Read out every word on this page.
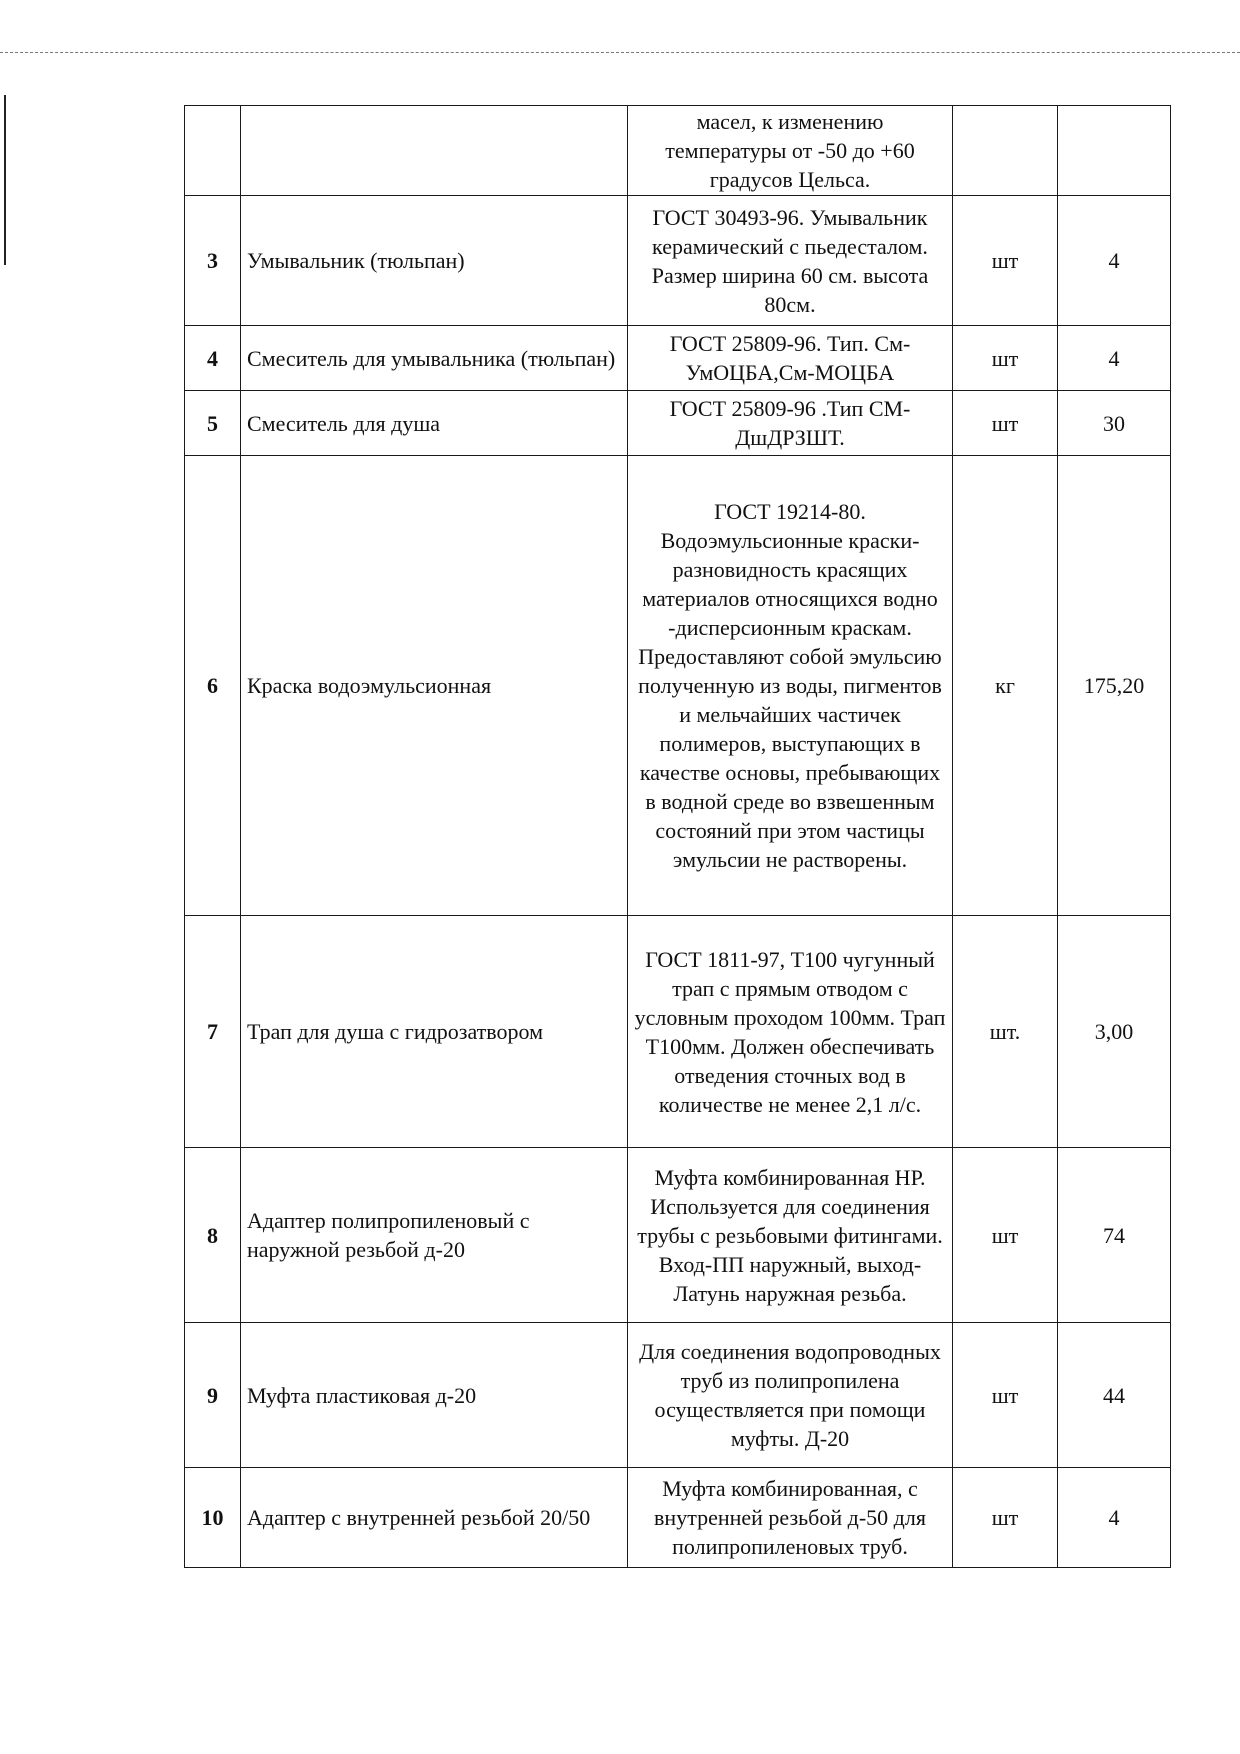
		масел, к изменению температуры от -50 до +60 градусов Цельса.		
3	Умывальник (тюльпан)	ГОСТ 30493-96. Умывальник керамический с пьедесталом. Размер ширина 60 см. высота 80см.	шт	4
4	Смеситель для умывальника (тюльпан)	ГОСТ 25809-96. Тип. См-УмОЦБА,См-МОЦБА	шт	4
5	Смеситель для душа	ГОСТ 25809-96 .Тип СМ-ДшДРЗШТ.	шт	30
6	Краска водоэмульсионная	ГОСТ 19214-80. Водоэмульсионные краски-разновидность красящих материалов относящихся водно -дисперсионным краскам. Предоставляют собой эмульсию полученную из воды, пигментов и мельчайших частичек полимеров, выступающих в качестве основы, пребывающих в водной среде во взвешенным состояний при этом частицы эмульсии не растворены.	кг	175,20
7	Трап для душа с гидрозатвором	ГОСТ 1811-97, Т100 чугунный трап с прямым отводом с условным проходом 100мм. Трап Т100мм. Должен обеспечивать отведения сточных вод в количестве не менее 2,1 л/с.	шт.	3,00
8	Адаптер полипропиленовый с наружной резьбой д-20	Муфта комбинированная НР. Используется для соединения трубы с резьбовыми фитингами. Вход-ПП наружный, выход-Латунь наружная резьба.	шт	74
9	Муфта пластиковая д-20	Для соединения водопроводных труб из полипропилена осуществляется при помощи муфты. Д-20	шт	44
10	Адаптер с внутренней резьбой 20/50	Муфта комбинированная, с внутренней резьбой д-50 для полипропиленовых труб.	шт	4
